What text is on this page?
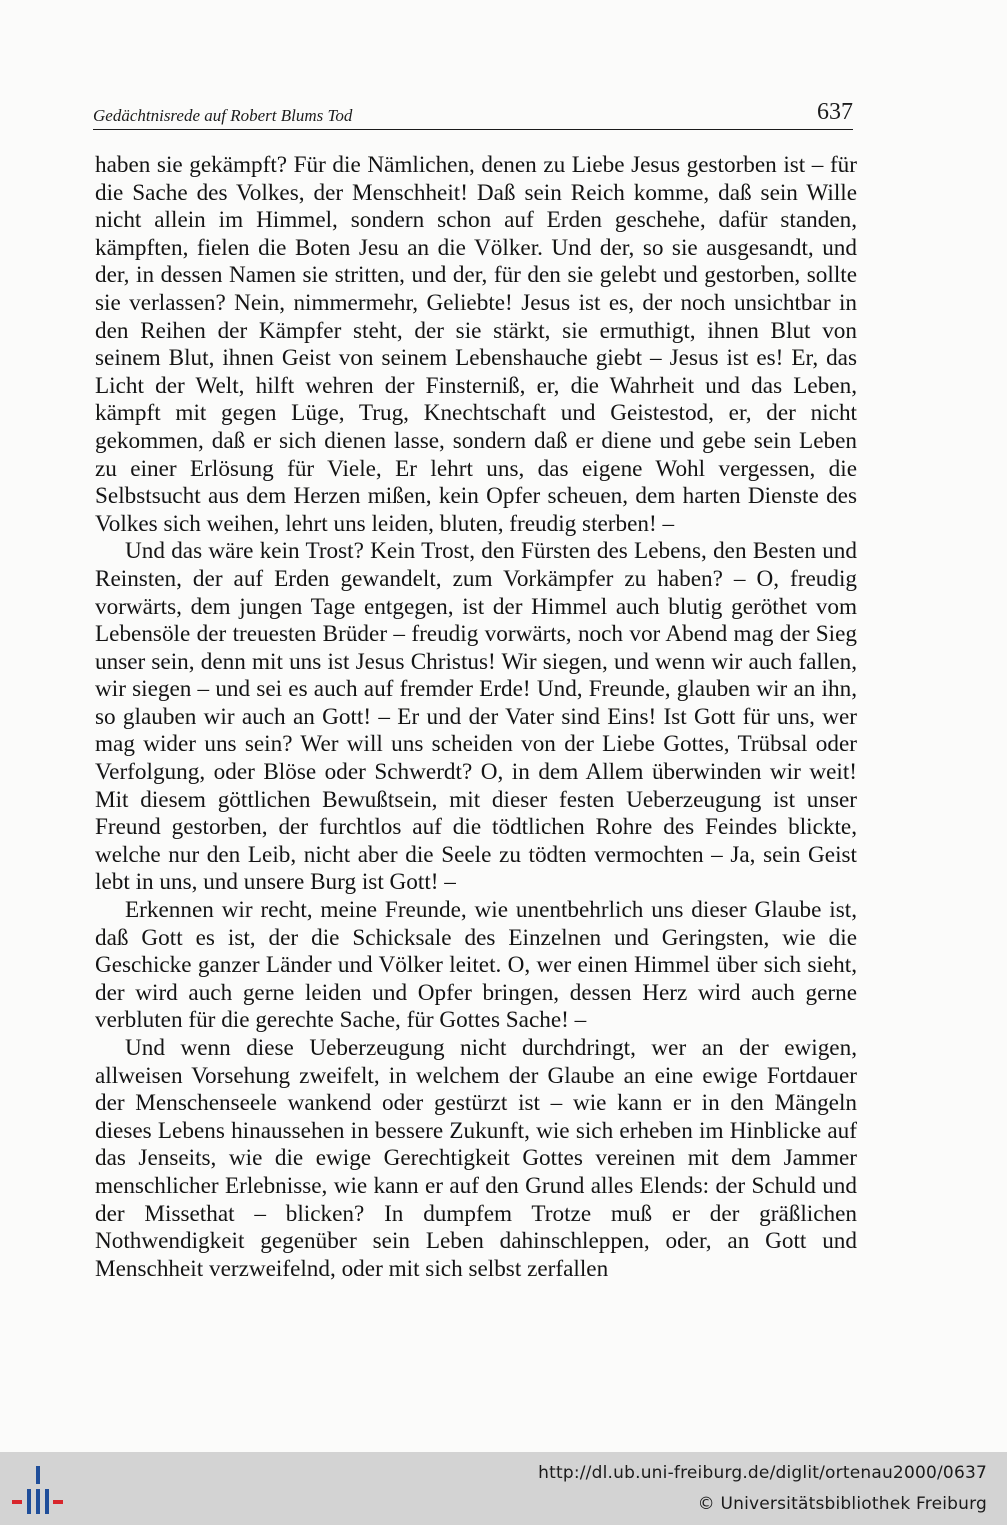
Gedächtnisrede auf Robert Blums Tod	637

haben sie gekämpft? Für die Nämlichen, denen zu Liebe Jesus gestorben ist – für die Sache des Volkes, der Menschheit! Daß sein Reich komme, daß sein Wille nicht allein im Himmel, sondern schon auf Erden geschehe, dafür standen, kämpften, fielen die Boten Jesu an die Völker. Und der, so sie ausgesandt, und der, in dessen Namen sie stritten, und der, für den sie gelebt und gestorben, sollte sie verlassen? Nein, nimmermehr, Geliebte! Jesus ist es, der noch unsichtbar in den Reihen der Kämpfer steht, der sie stärkt, sie ermuthigt, ihnen Blut von seinem Blut, ihnen Geist von seinem Lebenshauche giebt – Jesus ist es! Er, das Licht der Welt, hilft wehren der Finsterniß, er, die Wahrheit und das Leben, kämpft mit gegen Lüge, Trug, Knechtschaft und Geistestod, er, der nicht gekommen, daß er sich dienen lasse, sondern daß er diene und gebe sein Leben zu einer Erlösung für Viele, Er lehrt uns, das eigene Wohl vergessen, die Selbstsucht aus dem Herzen mißen, kein Opfer scheuen, dem harten Dienste des Volkes sich weihen, lehrt uns leiden, bluten, freudig sterben! –

Und das wäre kein Trost? Kein Trost, den Fürsten des Lebens, den Besten und Reinsten, der auf Erden gewandelt, zum Vorkämpfer zu haben? – O, freudig vorwärts, dem jungen Tage entgegen, ist der Himmel auch blutig geröthet vom Lebensöle der treuesten Brüder – freudig vorwärts, noch vor Abend mag der Sieg unser sein, denn mit uns ist Jesus Christus! Wir siegen, und wenn wir auch fallen, wir siegen – und sei es auch auf fremder Erde! Und, Freunde, glauben wir an ihn, so glauben wir auch an Gott! – Er und der Vater sind Eins! Ist Gott für uns, wer mag wider uns sein? Wer will uns scheiden von der Liebe Gottes, Trübsal oder Verfolgung, oder Blöse oder Schwerdt? O, in dem Allem überwinden wir weit! Mit diesem göttlichen Bewußtsein, mit dieser festen Ueberzeugung ist unser Freund gestorben, der furchtlos auf die tödtlichen Rohre des Feindes blickte, welche nur den Leib, nicht aber die Seele zu tödten vermochten – Ja, sein Geist lebt in uns, und unsere Burg ist Gott! –

Erkennen wir recht, meine Freunde, wie unentbehrlich uns dieser Glaube ist, daß Gott es ist, der die Schicksale des Einzelnen und Geringsten, wie die Geschicke ganzer Länder und Völker leitet. O, wer einen Himmel über sich sieht, der wird auch gerne leiden und Opfer bringen, dessen Herz wird auch gerne verbluten für die gerechte Sache, für Gottes Sache! –

Und wenn diese Ueberzeugung nicht durchdringt, wer an der ewigen, allweisen Vorsehung zweifelt, in welchem der Glaube an eine ewige Fortdauer der Menschenseele wankend oder gestürzt ist – wie kann er in den Mängeln dieses Lebens hinaussehen in bessere Zukunft, wie sich erheben im Hinblicke auf das Jenseits, wie die ewige Gerechtigkeit Gottes vereinen mit dem Jammer menschlicher Erlebnisse, wie kann er auf den Grund alles Elends: der Schuld und der Missethat – blicken? In dumpfem Trotze muß er der gräßlichen Nothwendigkeit gegenüber sein Leben dahinschleppen, oder, an Gott und Menschheit verzweifelnd, oder mit sich selbst zerfallen

http://dl.ub.uni-freiburg.de/diglit/ortenau2000/0637
© Universitätsbibliothek Freiburg
